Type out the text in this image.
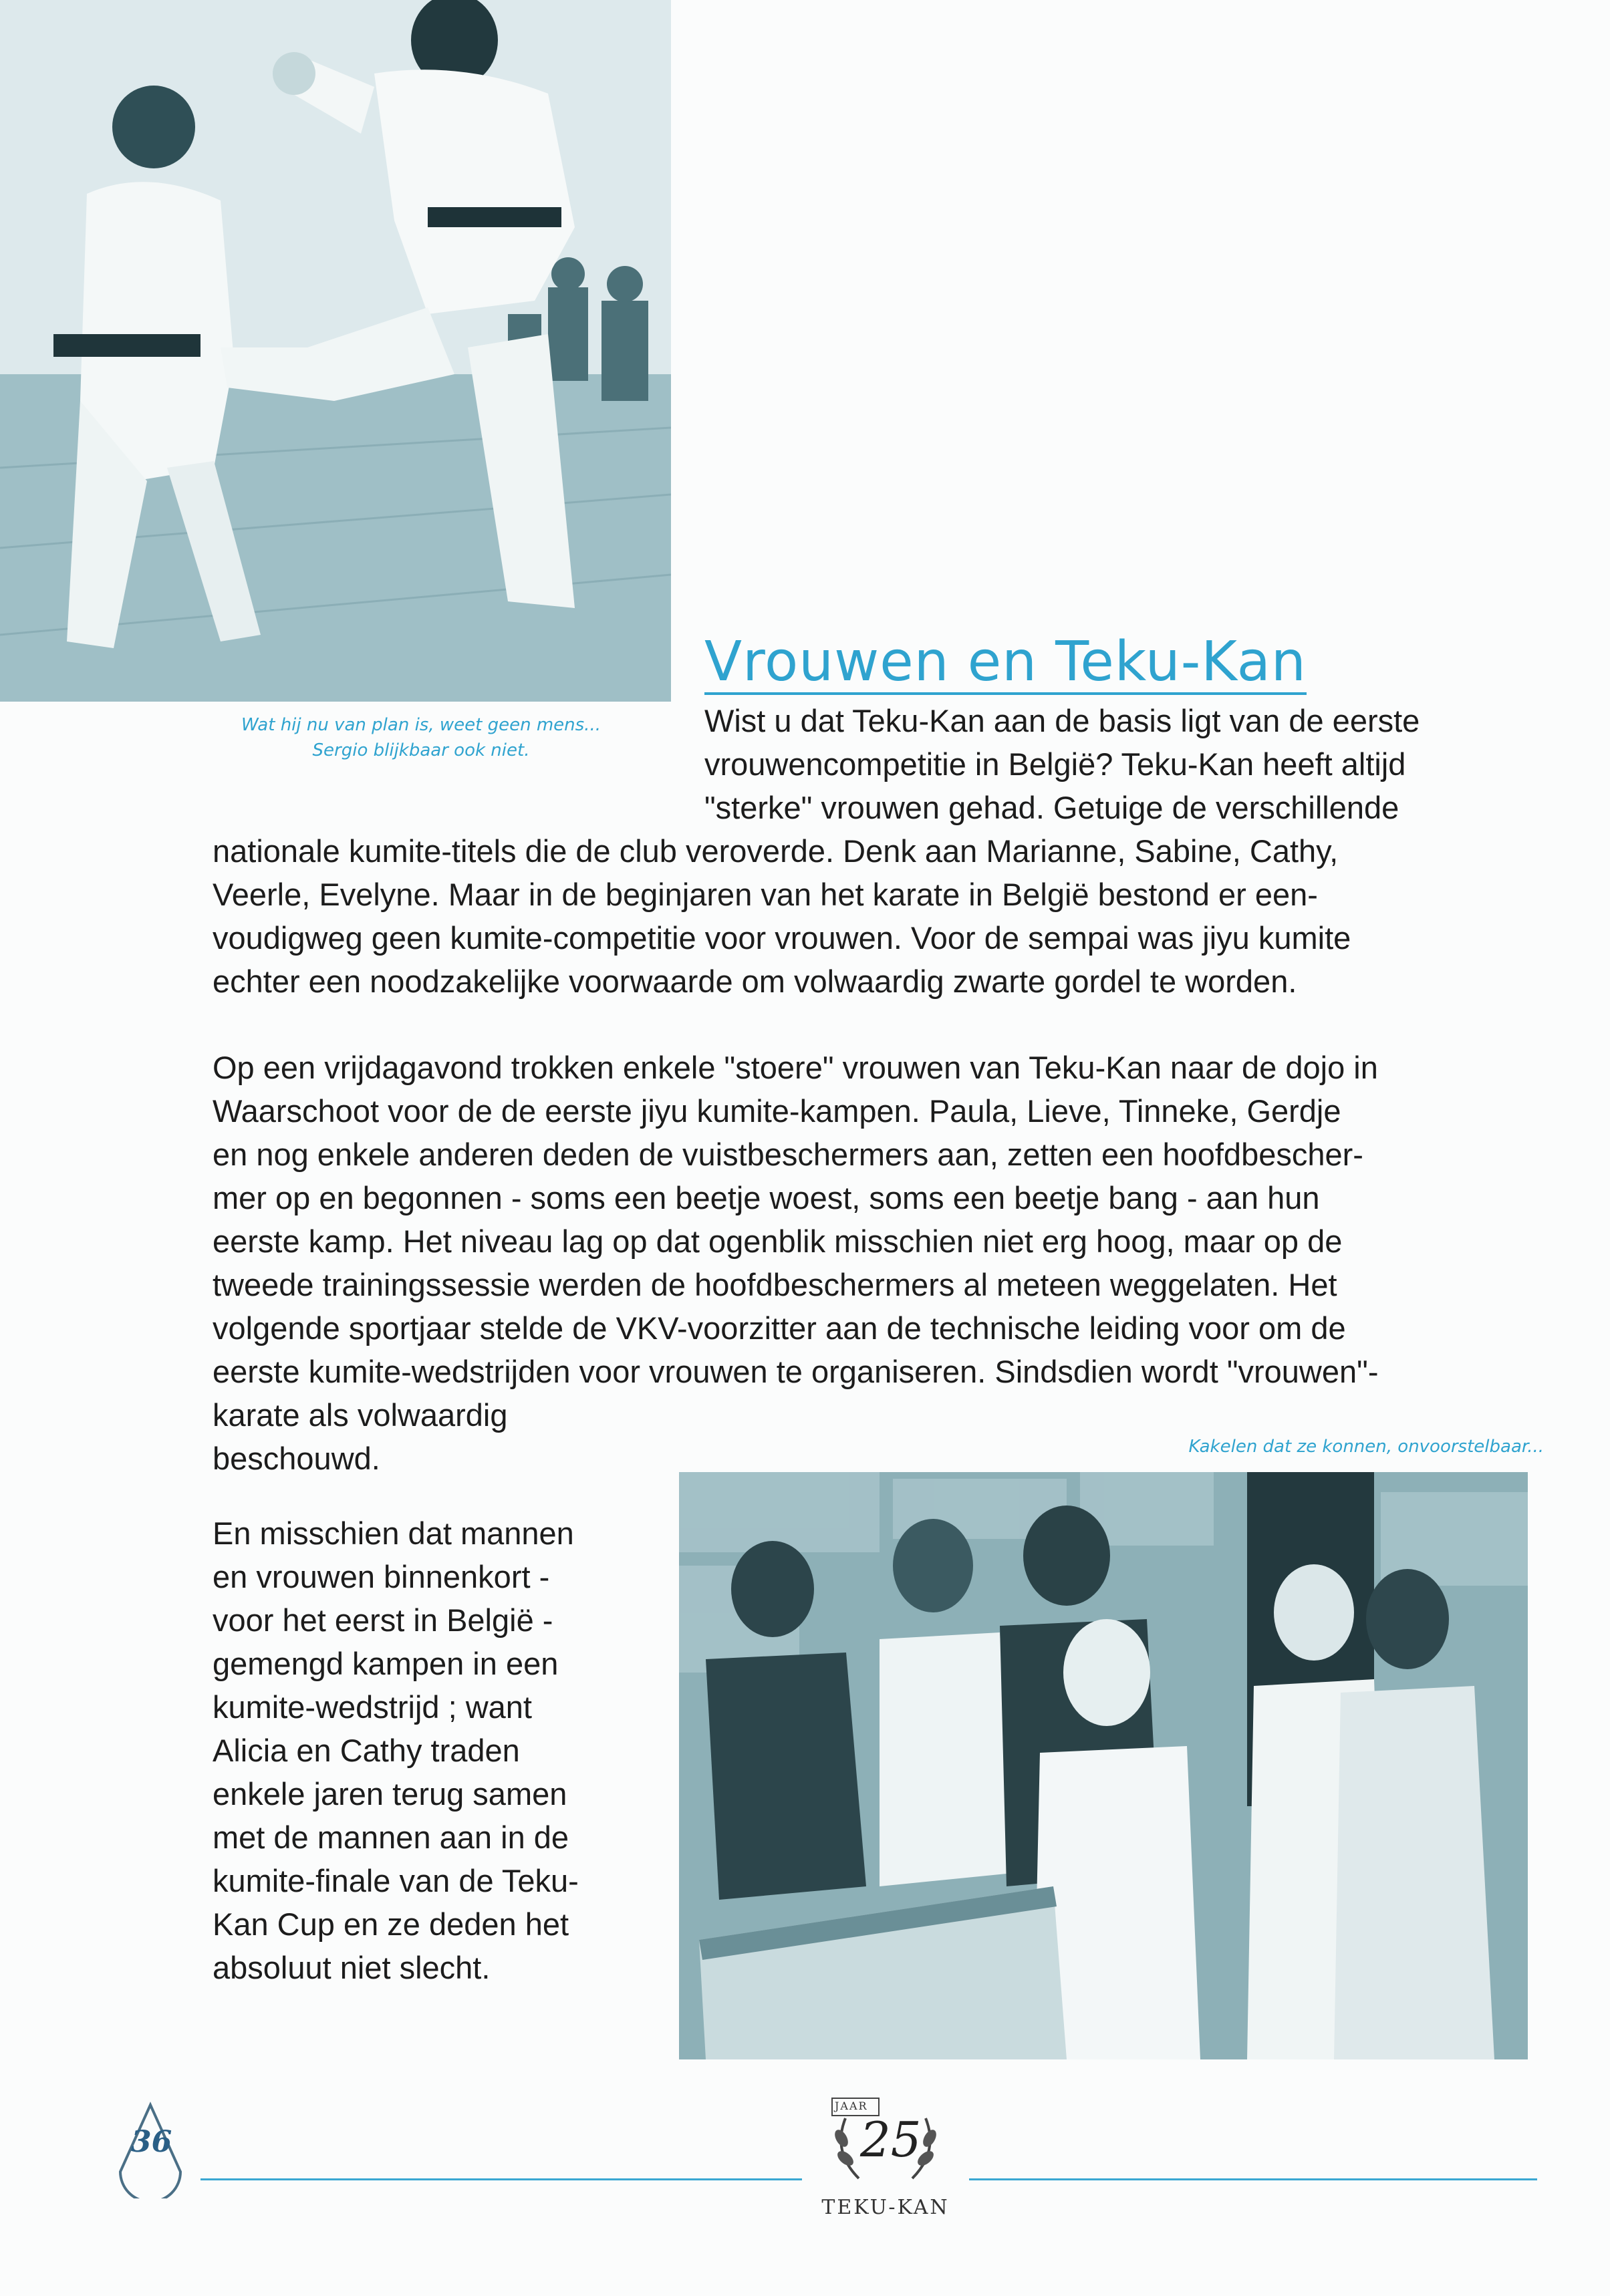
Wat hij nu van plan is, weet geen mens...
Sergio blijkbaar ook niet.
Vrouwen en Teku-Kan
Wist u dat Teku-Kan aan de basis ligt van de eerste
vrouwencompetitie in België? Teku-Kan heeft altijd
"sterke" vrouwen gehad. Getuige de verschillende
nationale kumite-titels die de club veroverde. Denk aan Marianne, Sabine, Cathy,
Veerle, Evelyne. Maar in de beginjaren van het karate in België bestond er een-
voudigweg geen kumite-competitie voor vrouwen. Voor de sempai was jiyu kumite
echter een noodzakelijke voorwaarde om volwaardig zwarte gordel te worden.
Op een vrijdagavond trokken enkele "stoere" vrouwen van Teku-Kan naar de dojo in
Waarschoot voor de de eerste jiyu kumite-kampen. Paula, Lieve, Tinneke, Gerdje
en nog enkele anderen deden de vuistbeschermers aan, zetten een hoofdbescher-
mer op en begonnen - soms een beetje woest, soms een beetje bang - aan hun
eerste kamp. Het niveau lag op dat ogenblik misschien niet erg hoog, maar op de
tweede trainingssessie werden de hoofdbeschermers al meteen weggelaten. Het
volgende sportjaar stelde de VKV-voorzitter aan de technische leiding voor om de
eerste kumite-wedstrijden voor vrouwen te organiseren. Sindsdien wordt "vrouwen"-
karate als volwaardig
beschouwd.	Kakelen dat ze konnen, onvoorstelbaar...
En misschien dat mannen
en vrouwen binnenkort -
voor het eerst in België -
gemengd kampen in een
kumite-wedstrijd ; want
Alicia en Cathy traden
enkele jaren terug samen
met de mannen aan in de
kumite-finale van de Teku-
Kan Cup en ze deden het
absoluut niet slecht.
36
JAAR
25
TEKU-KAN
